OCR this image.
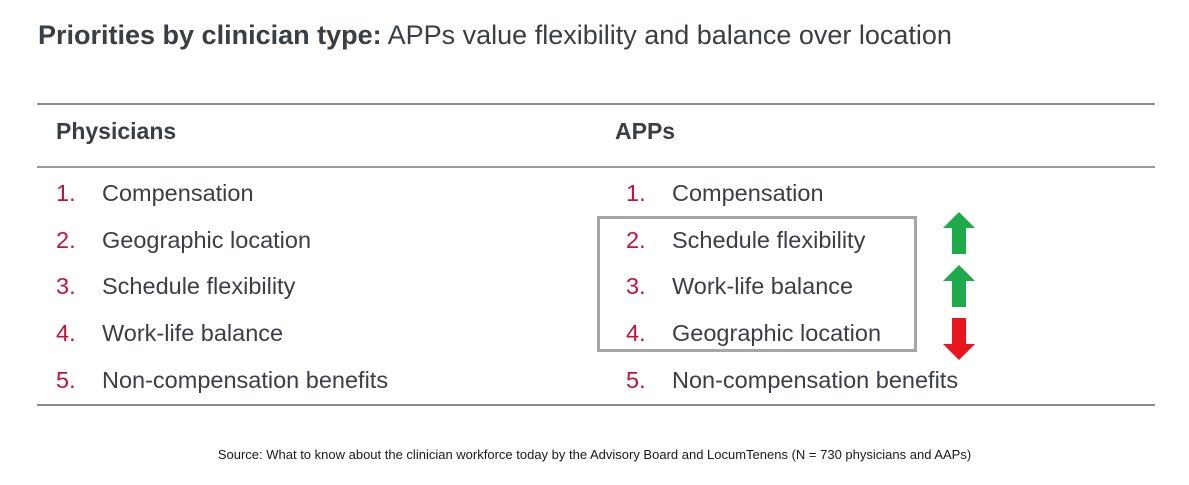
Priorities by clinician type: APPs value flexibility and balance over location
Physicians	APPs
1. Compensation
2. Geographic location
3. Schedule flexibility
4. Work-life balance
5. Non-compensation benefits
1. Compensation
2. Schedule flexibility
3. Work-life balance
4. Geographic location
5. Non-compensation benefits
Source: What to know about the clinician workforce today by the Advisory Board and LocumTenens (N = 730 physicians and AAPs)
